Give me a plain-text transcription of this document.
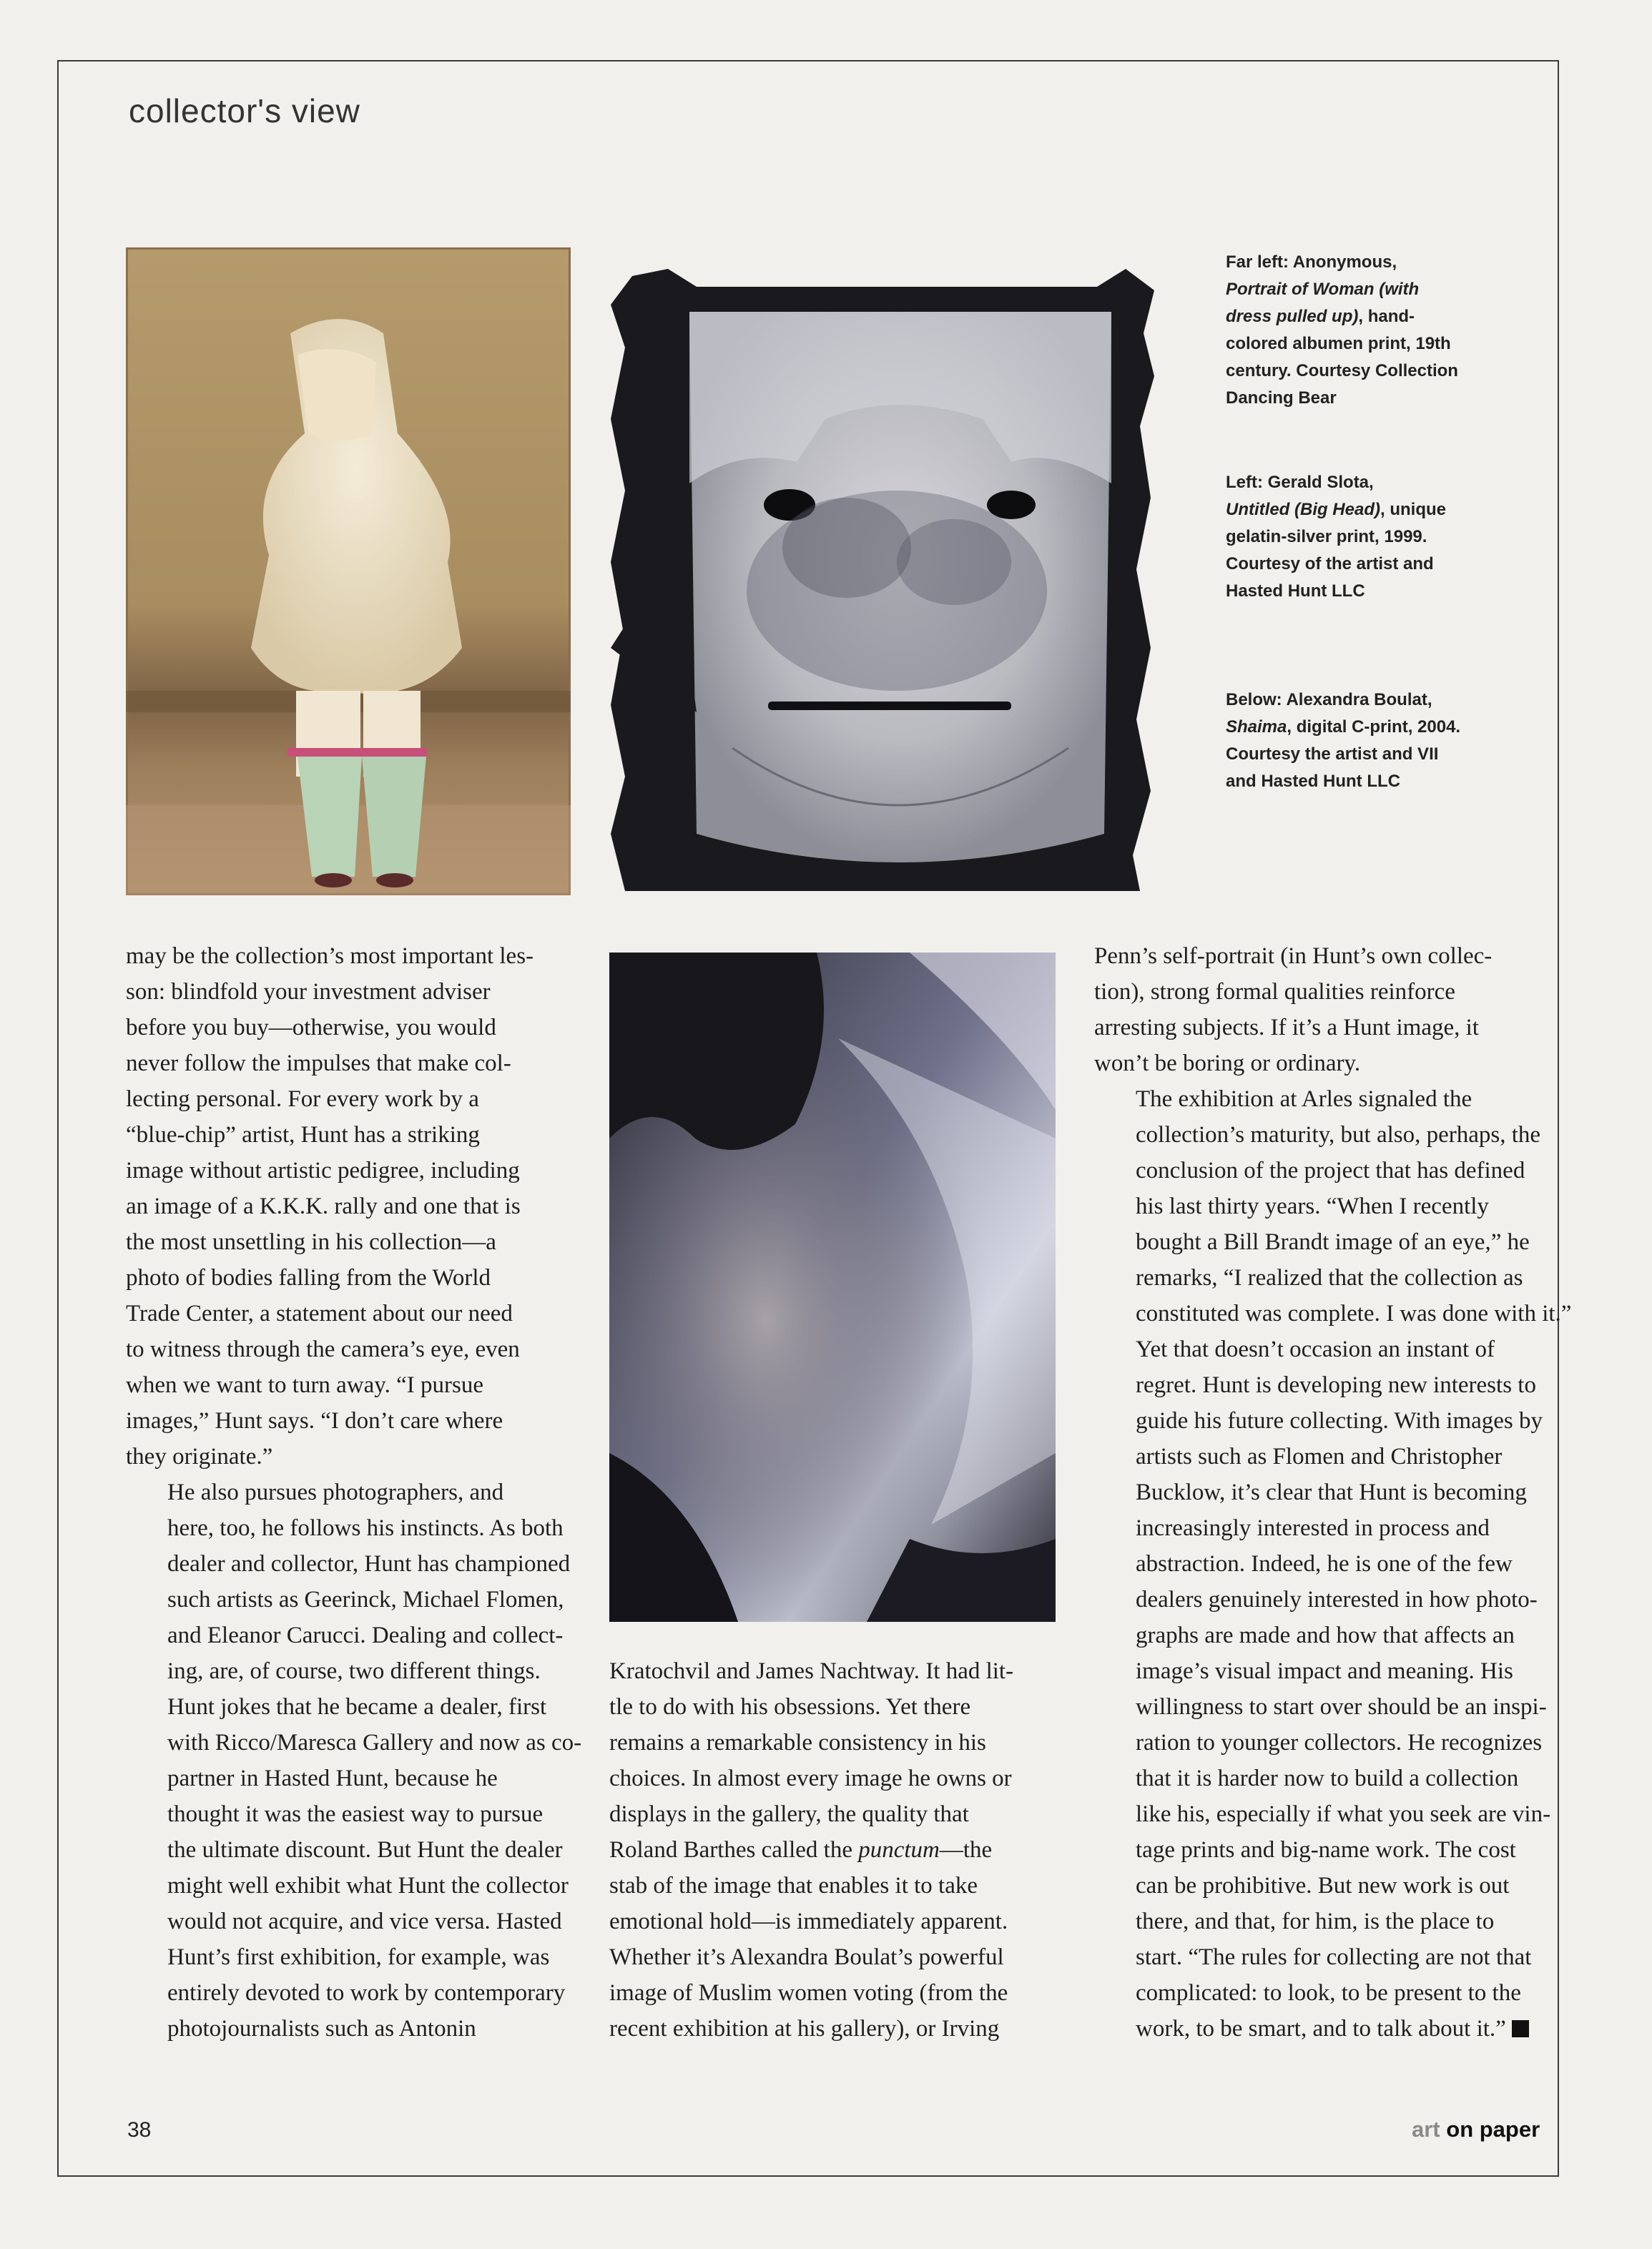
collector's view
Far left: Anonymous,
Portrait of Woman (with dress pulled up), hand-colored albumen print, 19th century. Courtesy Collection Dancing Bear
Left: Gerald Slota,
Untitled (Big Head), unique gelatin-silver print, 1999. Courtesy of the artist and Hasted Hunt LLC
Below: Alexandra Boulat,
Shaima, digital C-print, 2004. Courtesy the artist and VII and Hasted Hunt LLC

may be the collection’s most important les-
son: blindfold your investment adviser
before you buy—otherwise, you would
never follow the impulses that make col-
lecting personal. For every work by a
“blue-chip” artist, Hunt has a striking
image without artistic pedigree, including
an image of a K.K.K. rally and one that is
the most unsettling in his collection—a
photo of bodies falling from the World
Trade Center, a statement about our need
to witness through the camera’s eye, even
when we want to turn away. “I pursue
images,” Hunt says. “I don’t care where
they originate.”

He also pursues photographers, and
here, too, he follows his instincts. As both
dealer and collector, Hunt has championed
such artists as Geerinck, Michael Flomen,
and Eleanor Carucci. Dealing and collect-
ing, are, of course, two different things.
Hunt jokes that he became a dealer, first
with Ricco/Maresca Gallery and now as co-
partner in Hasted Hunt, because he
thought it was the easiest way to pursue
the ultimate discount. But Hunt the dealer
might well exhibit what Hunt the collector
would not acquire, and vice versa. Hasted
Hunt’s first exhibition, for example, was
entirely devoted to work by contemporary
photojournalists such as Antonin

Kratochvil and James Nachtway. It had lit-
tle to do with his obsessions. Yet there
remains a remarkable consistency in his
choices. In almost every image he owns or
displays in the gallery, the quality that
Roland Barthes called the punctum—the
stab of the image that enables it to take
emotional hold—is immediately apparent.
Whether it’s Alexandra Boulat’s powerful
image of Muslim women voting (from the
recent exhibition at his gallery), or Irving

Penn’s self-portrait (in Hunt’s own collec-
tion), strong formal qualities reinforce
arresting subjects. If it’s a Hunt image, it
won’t be boring or ordinary.

The exhibition at Arles signaled the
collection’s maturity, but also, perhaps, the
conclusion of the project that has defined
his last thirty years. “When I recently
bought a Bill Brandt image of an eye,” he
remarks, “I realized that the collection as
constituted was complete. I was done with it.”

Yet that doesn’t occasion an instant of
regret. Hunt is developing new interests to
guide his future collecting. With images by
artists such as Flomen and Christopher
Bucklow, it’s clear that Hunt is becoming
increasingly interested in process and
abstraction. Indeed, he is one of the few
dealers genuinely interested in how photo-
graphs are made and how that affects an
image’s visual impact and meaning. His
willingness to start over should be an inspi-
ration to younger collectors. He recognizes
that it is harder now to build a collection
like his, especially if what you seek are vin-
tage prints and big-name work. The cost
can be prohibitive. But new work is out
there, and that, for him, is the place to
start. “The rules for collecting are not that
complicated: to look, to be present to the
work, to be smart, and to talk about it.”

38	art on paper
